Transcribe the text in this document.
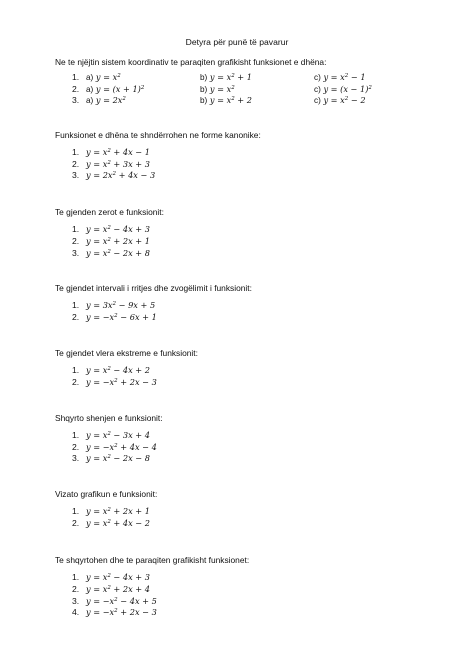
Detyra për punë të pavarur
Ne te njëjtin sistem koordinativ te paraqiten grafikisht funksionet e dhëna:
1. a) $y = x^2$	b) $y = x^2 + 1$	c) $y = x^2 - 1$
2. a) $y = (x + 1)^2$	b) $y = x^2$	c) $y = (x - 1)^2$
3. a) $y = 2x^2$	b) $y = x^2 + 2$	c) $y = x^2 - 2$
Funksionet e dhëna te shndërrohen ne forme kanonike:
1. $y = x^2 + 4x - 1$
2. $y = x^2 + 3x + 3$
3. $y = 2x^2 + 4x - 3$
Te gjenden zerot e funksionit:
1. $y = x^2 - 4x + 3$
2. $y = x^2 + 2x + 1$
3. $y = x^2 - 2x + 8$
Te gjendet intervali i rritjes dhe zvogëlimit i funksionit:
1. $y = 3x^2 - 9x + 5$
2. $y = -x^2 - 6x + 1$
Te gjendet vlera ekstreme e funksionit:
1. $y = x^2 - 4x + 2$
2. $y = -x^2 + 2x - 3$
Shqyrto shenjen e funksionit:
1. $y = x^2 - 3x + 4$
2. $y = -x^2 + 4x - 4$
3. $y = x^2 - 2x - 8$
Vizato grafikun e funksionit:
1. $y = x^2 + 2x + 1$
2. $y = x^2 + 4x - 2$
Te shqyrtohen dhe te paraqiten grafikisht funksionet:
1. $y = x^2 - 4x + 3$
2. $y = x^2 + 2x + 4$
3. $y = -x^2 - 4x + 5$
4. $y = -x^2 + 2x - 3$
